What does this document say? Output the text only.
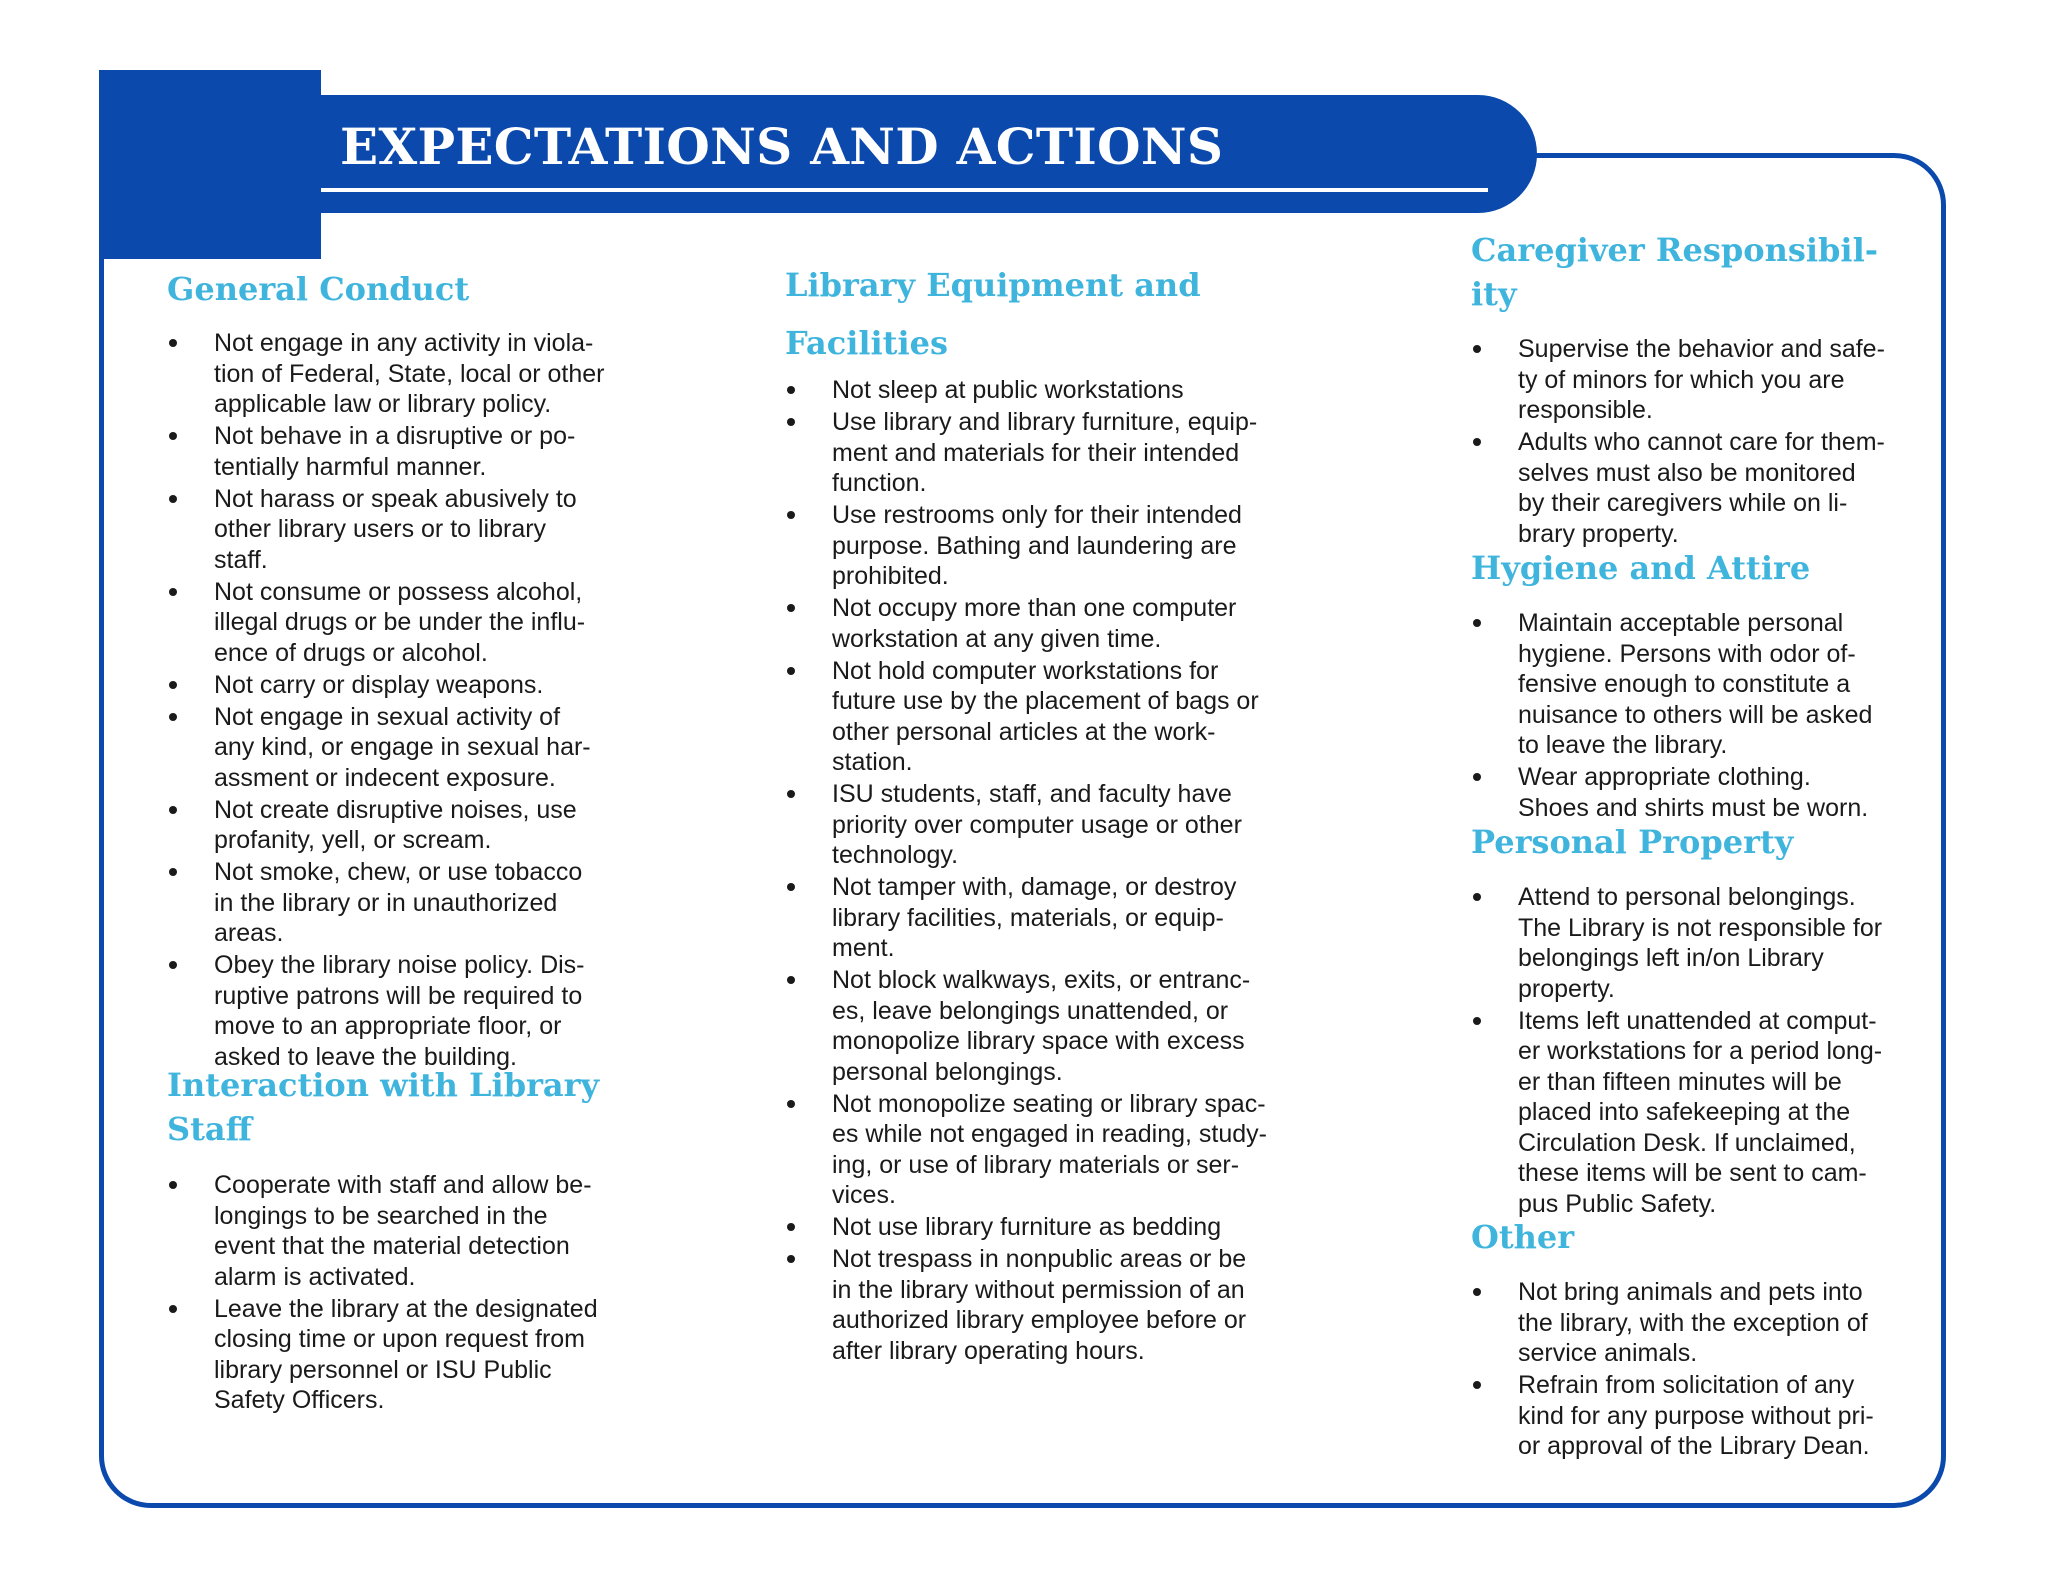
EXPECTATIONS AND ACTIONS
General Conduct
Not engage in any activity in viola-
tion of Federal, State, local or other
applicable law or library policy.
Not behave in a disruptive or po-
tentially harmful manner.
Not harass or speak abusively to
other library users or to library
staff.
Not consume or possess alcohol,
illegal drugs or be under the influ-
ence of drugs or alcohol.
Not carry or display weapons.
Not engage in sexual activity of
any kind, or engage in sexual har-
assment or indecent exposure.
Not create disruptive noises, use
profanity, yell, or scream.
Not smoke, chew, or use tobacco
in the library or in unauthorized
areas.
Obey the library noise policy. Dis-
ruptive patrons will be required to
move to an appropriate floor, or
asked to leave the building.
Interaction with Library
Staff
Cooperate with staff and allow be-
longings to be searched in the
event that the material detection
alarm is activated.
Leave the library at the designated
closing time or upon request from
library personnel or ISU Public
Safety Officers.
Library Equipment and
Facilities
Not sleep at public workstations
Use library and library furniture, equip-
ment and materials for their intended
function.
Use restrooms only for their intended
purpose. Bathing and laundering are
prohibited.
Not occupy more than one computer
workstation at any given time.
Not hold computer workstations for
future use by the placement of bags or
other personal articles at the work-
station.
ISU students, staff, and faculty have
priority over computer usage or other
technology.
Not tamper with, damage, or destroy
library facilities, materials, or equip-
ment.
Not block walkways, exits, or entranc-
es, leave belongings unattended, or
monopolize library space with excess
personal belongings.
Not monopolize seating or library spac-
es while not engaged in reading, study-
ing, or use of library materials or ser-
vices.
Not use library furniture as bedding
Not trespass in nonpublic areas or be
in the library without permission of an
authorized library employee before or
after library operating hours.
Caregiver Responsibil-
ity
Supervise the behavior and safe-
ty of minors for which you are
responsible.
Adults who cannot care for them-
selves must also be monitored
by their caregivers while on li-
brary property.
Hygiene and Attire
Maintain acceptable personal
hygiene. Persons with odor of-
fensive enough to constitute a
nuisance to others will be asked
to leave the library.
Wear appropriate clothing.
Shoes and shirts must be worn.
Personal Property
Attend to personal belongings.
The Library is not responsible for
belongings left in/on Library
property.
Items left unattended at comput-
er workstations for a period long-
er than fifteen minutes will be
placed into safekeeping at the
Circulation Desk. If unclaimed,
these items will be sent to cam-
pus Public Safety.
Other
Not bring animals and pets into
the library, with the exception of
service animals.
Refrain from solicitation of any
kind for any purpose without pri-
or approval of the Library Dean.
